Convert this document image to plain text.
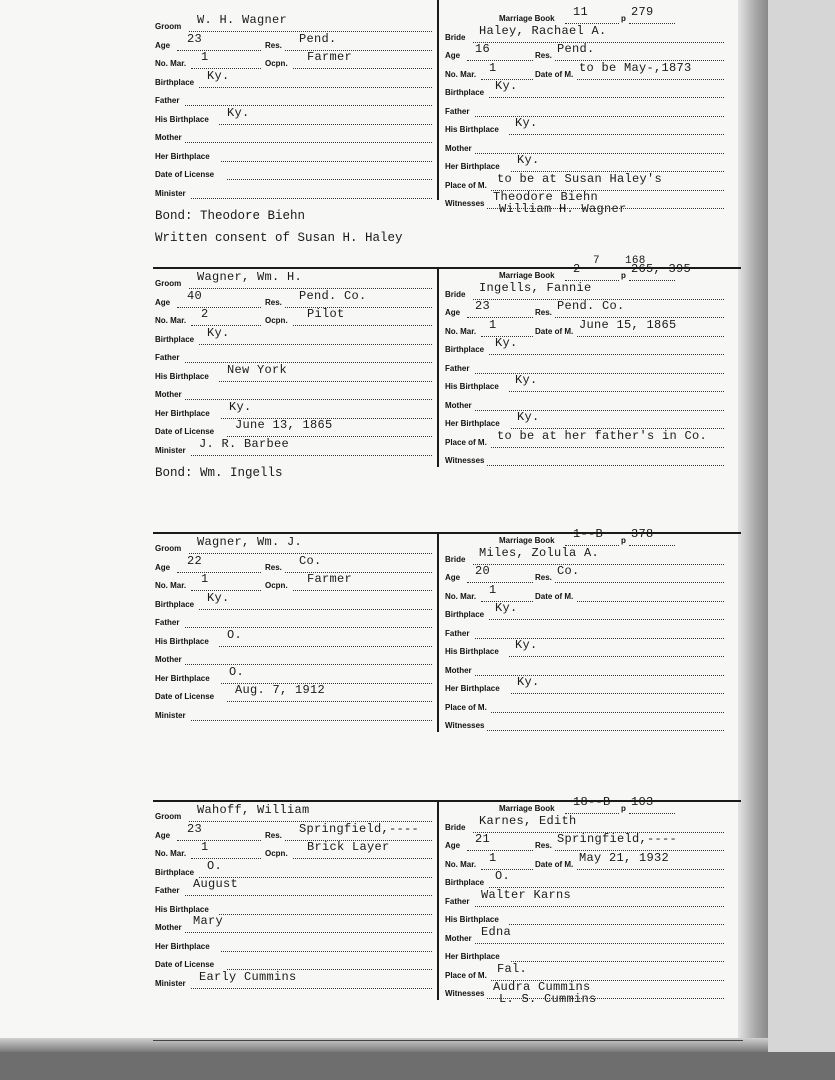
Groom W. H. Wagner
Age 23	Res. Pend.
No. Mar. 1	Ocpn. Farmer
Birthplace Ky.
Father
His Birthplace Ky.
Mother
Her Birthplace
Date of License
Minister
Marriage Book 11	p 279
Bride Haley, Rachael A.
Age 16	Res. Pend.
No. Mar. 1	Date of M. to be May-,1873
Birthplace Ky.
Father
His Birthplace Ky.
Mother
Her Birthplace Ky.
Place of M. to be at Susan Haley's
Witnesses Theodore Biehn
William H. Wagner
Bond: Theodore Biehn
Written consent of Susan H. Haley
Groom Wagner, Wm. H.
Age 40	Res. Pend. Co.
No. Mar. 2	Ocpn. Pilot
Birthplace Ky.
Father
His Birthplace New York
Mother
Her Birthplace Ky.
Date of License June 13, 1865
Minister J. R. Barbee
Marriage Book 2	p 265, 395
Bride Ingells, Fannie
Age 23	Res. Pend. Co.
No. Mar. 1	Date of M. June 15, 1865
Birthplace Ky.
Father
His Birthplace Ky.
Mother
Her Birthplace Ky.
Place of M. to be at her father's in Co.
Witnesses
Bond: Wm. Ingells
Groom Wagner, Wm. J.
Age 22	Res. Co.
No. Mar. 1	Ocpn. Farmer
Birthplace Ky.
Father
His Birthplace O.
Mother
Her Birthplace O.
Date of License Aug. 7, 1912
Minister
Marriage Book 1--B p 378
Bride Miles, Zolula A.
Age 20	Res. Co.
No. Mar. 1	Date of M.
Birthplace Ky.
Father
His Birthplace Ky.
Mother
Her Birthplace Ky.
Place of M.
Witnesses
Groom Wahoff, William
Age 23	Res. Springfield,----
No. Mar. 1	Ocpn. Brick Layer
Birthplace O.
Father August
His Birthplace
Mother Mary
Her Birthplace
Date of License
Minister Early Cummins
Marriage Book 18--B p 103
Bride Karnes, Edith
Age 21	Res. Springfield,----
No. Mar. 1	Date of M. May 21, 1932
Birthplace O.
Father Walter Karns
His Birthplace
Mother Edna
Her Birthplace
Place of M. Fal.
Witnesses Audra Cummins
L. S. Cummins
7 168
